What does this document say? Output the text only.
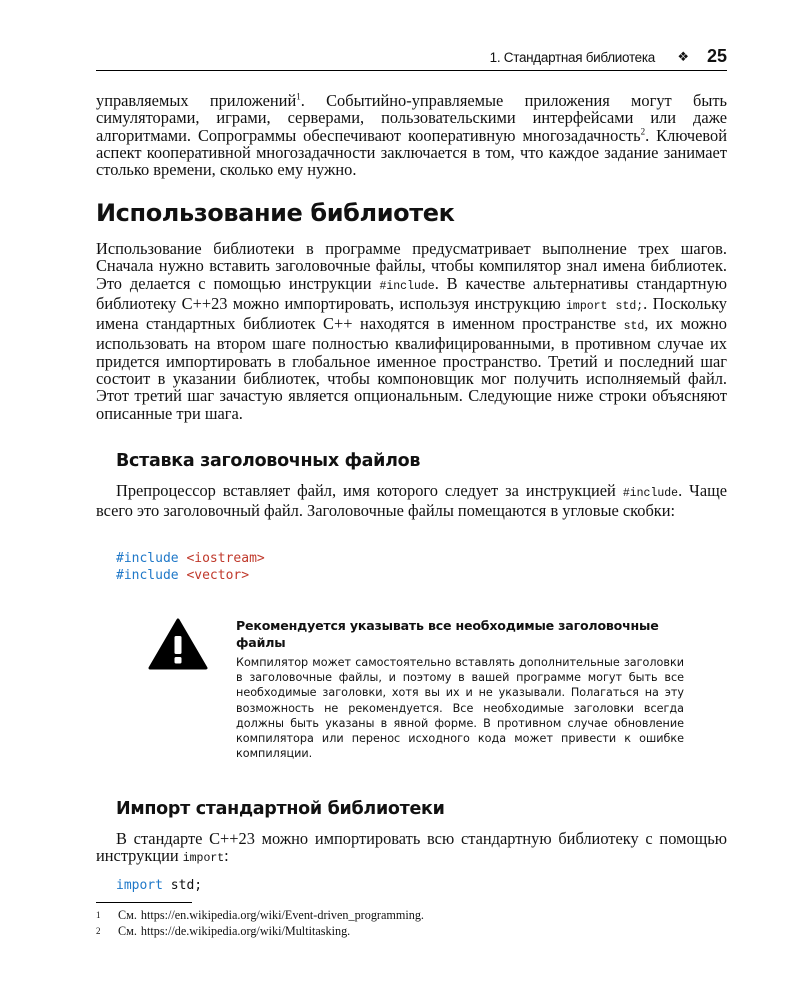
1. Стандартная библиотека ❖ 25

управляемых приложений$^1$. Событийно-управляемые приложения могут быть симуляторами, играми, серверами, пользовательскими интерфейсами или даже алгоритмами. Сопрограммы обеспечивают кооперативную многозадачность$^2$. Ключевой аспект кооперативной многозадачности заключается в том, что каждое задание занимает столько времени, сколько ему нужно.

Использование библиотек

Использование библиотеки в программе предусматривает выполнение трех шагов. Сначала нужно вставить заголовочные файлы, чтобы компилятор знал имена библиотек. Это делается с помощью инструкции #include. В качестве альтернативы стандартную библиотеку C++23 можно импортировать, используя инструкцию import std;. Поскольку имена стандартных библиотек C++ находятся в именном пространстве std, их можно использовать на втором шаге полностью квалифицированными, в противном случае их придется импортировать в глобальное именное пространство. Третий и последний шаг состоит в указании библиотек, чтобы компоновщик мог получить исполняемый файл. Этот третий шаг зачастую является опциональным. Следующие ниже строки объясняют описанные три шага.

Вставка заголовочных файлов

Препроцессор вставляет файл, имя которого следует за инструкцией #include. Чаще всего это заголовочный файл. Заголовочные файлы помещаются в угловые скобки:

#include <iostream>
#include <vector>

Рекомендуется указывать все необходимые заголовочные файлы

Компилятор может самостоятельно вставлять дополнительные заголовки в заголовочные файлы, и поэтому в вашей программе могут быть все необходимые заголовки, хотя вы их и не указывали. Полагаться на эту возможность не рекомендуется. Все необходимые заголовки всегда должны быть указаны в явной форме. В противном случае обновление компилятора или перенос исходного кода может привести к ошибке компиляции.

Импорт стандартной библиотеки

В стандарте C++23 можно импортировать всю стандартную библиотеку с помощью инструкции import:

import std;
1 См. https://en.wikipedia.org/wiki/Event-driven_programming.
2 См. https://de.wikipedia.org/wiki/Multitasking.
